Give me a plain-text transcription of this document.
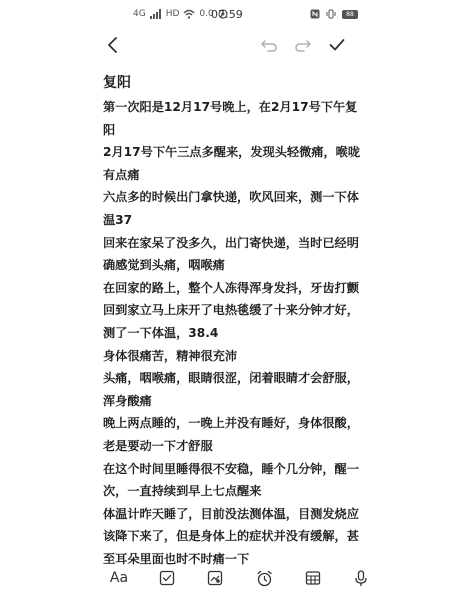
4G HD 0.0
07:59	88
复阳

第一次阳是12月17号晚上，在2月17号下午复阳

2月17号下午三点多醒来，发现头轻微痛，喉咙有点痛

六点多的时候出门拿快递，吹风回来，测一下体温37

回来在家呆了没多久，出门寄快递，当时已经明确感觉到头痛，咽喉痛

在回家的路上，整个人冻得浑身发抖，牙齿打颤

回到家立马上床开了电热毯缓了十来分钟才好，测了一下体温，38.4

身体很痛苦，精神很充沛

头痛，咽喉痛，眼睛很涩，闭着眼睛才会舒服，浑身酸痛

晚上两点睡的，一晚上并没有睡好，身体很酸，老是要动一下才舒服

在这个时间里睡得很不安稳，睡个几分钟，醒一次，一直持续到早上七点醒来

体温计昨天睡了，目前没法测体温，目测发烧应该降下来了，但是身体上的症状并没有缓解，甚至耳朵里面也时不时痛一下

Aa
